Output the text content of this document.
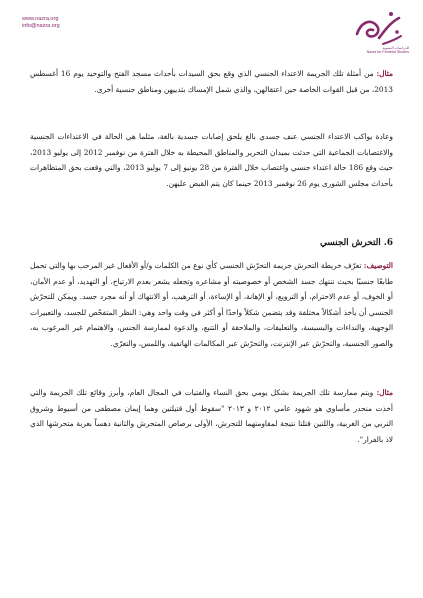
www.nazra.org
info@nazra.org
للدراسات النسوية
Nazra for Feminist Studies
مثال: من أمثلة تلك الجريمة الاعتداء الجنسي الذي وقع بحق السيدات بأحداث مسجد الفتح والتوحيد يوم 16 أغسطس 2013، من قبل القوات الخاصة حين اعتقالهن، والذي شمل الإمساك بثدييهن ومناطق جنسية أخرى.
وعادة يواكب الاعتداء الجنسي عنف جسدي بالغ يلحق إصابات جسدية بالغة، مثلما هي الحالة في الاعتداءات الجنسية والاغتصابات الجماعية التي حدثت بميدان التحرير والمناطق المحيطة به خلال الفترة من نوفمبر 2012 إلى يوليو 2013، حيث وقع 186 حالة اعتداء جنسي واغتصاب خلال الفترة من 28 يونيو إلى 7 يوليو 2013، والتي وقعت بحق المتظاهرات بأحداث مجلس الشورى يوم 26 نوفمبر 2013 حينما كان يتم القبض عليهن.
6. التحرش الجنسي
التوصيف: تعرّف خريطة التحرش جريمة التحرّش الجنسي كأي نوع من الكلمات و/أو الأفعال غير المرحب بها والتي تحمل طابعًا جنسيًا بحيث تنتهك جسد الشخص أو خصوصيته أو مشاعره وتجعله يشعر بعدم الارتياح، أو التهديد، أو عدم الأمان، أو الخوف، أو عدم الاحترام، أو الترويع، أو الإهانة، أو الإساءة، أو الترهيب، أو الانتهاك أو أنه مجرد جسد. ويمكن للتحرّش الجنسي أن يأخذ أشكالاً مختلفة وقد يتضمن شكلاً واحدًا أو أكثر في وقت واحد وهي: النظر المتفحّص للجسد، والتعبيرات الوجهية، والنداءات والبسبسة، والتعليقات، والملاحقة أو التتبع، والدعوة لممارسة الجنس، والاهتمام غير المرغوب به، والصور الجنسية، والتحرّش عبر الإنترنت، والتحرّش عبر المكالمات الهاتفية، واللمس، والتعرّي.
مثال: ويتم ممارسة تلك الجريمة بشكل يومي بحق النساء والفتيات في المجال العام، وأبرز وقائع تلك الجريمة والتي أخذت منحدر مأساوي هو شهود عامي ٢٠١٢ و ٢٠١٣ "سقوط أول قتيلتين وهما إيمان مصطفى من أسيوط وشروق التربي من الغربية، واللتين قتلتا نتيجة لمقاومتهما للتحرش، الأولى برصاص المتحرش والثانية دهساً بعربة متحرشها الذي لاذ بالفرار".
